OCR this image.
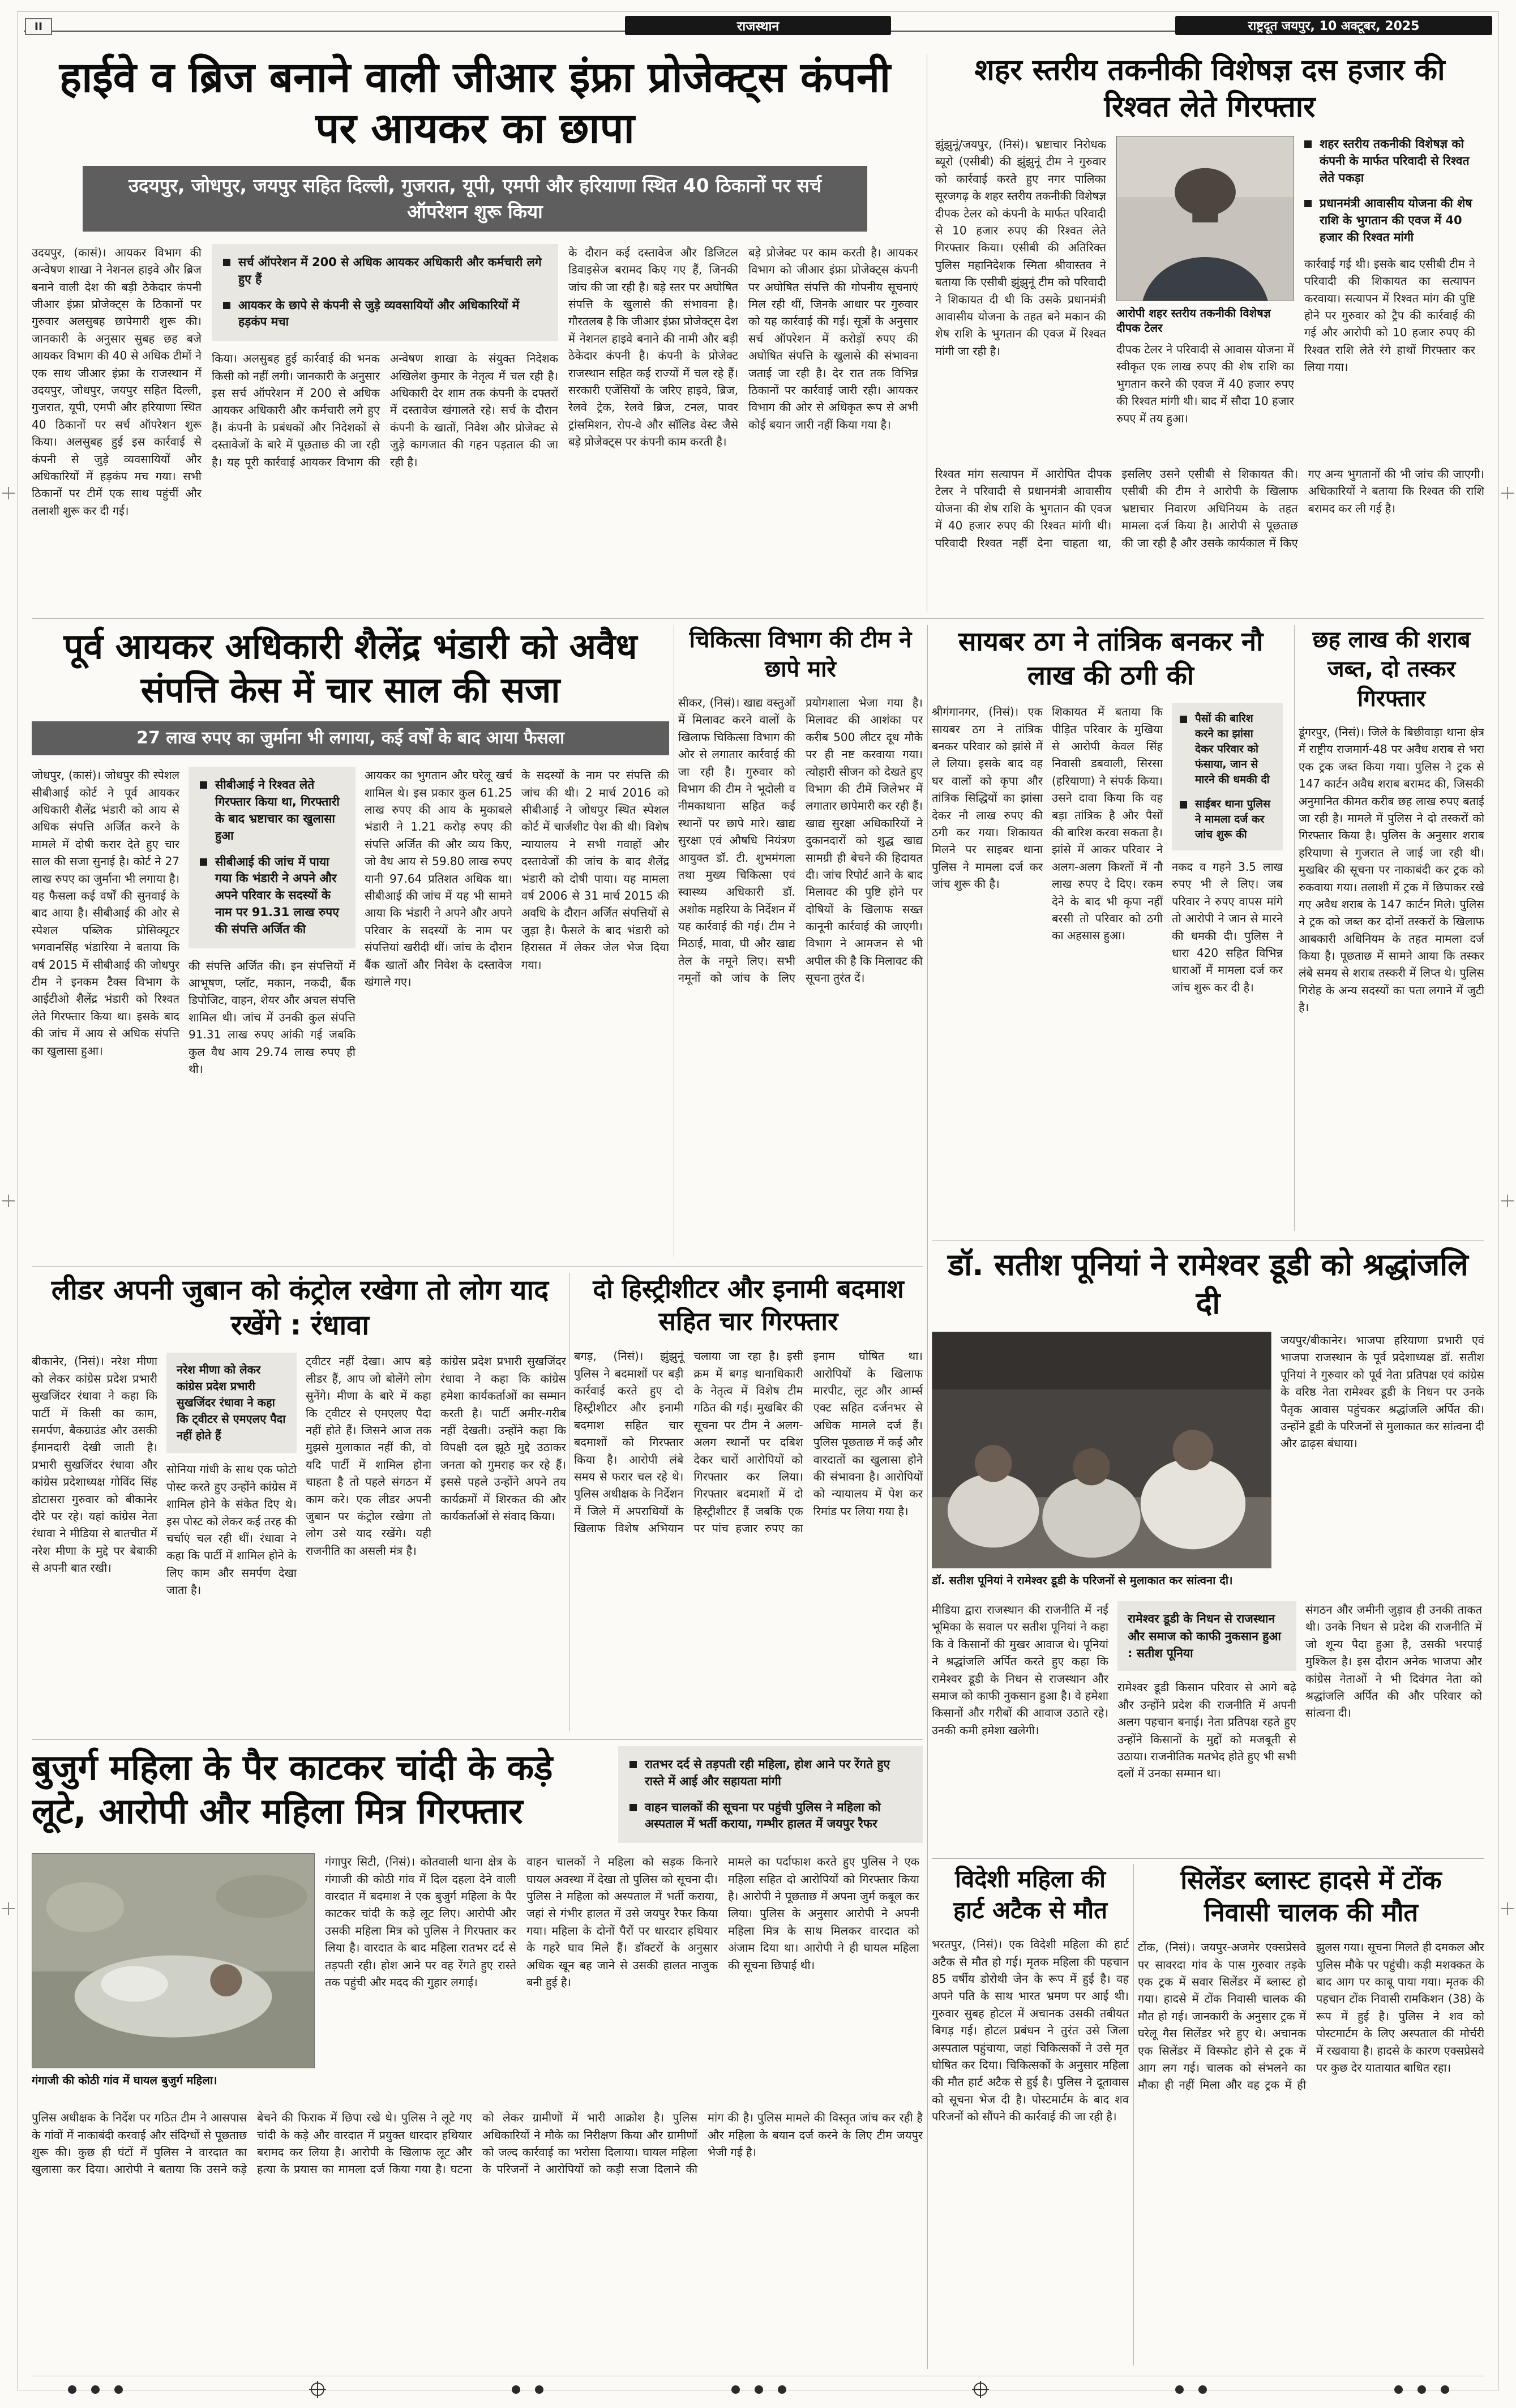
II	राजस्थान	राष्ट्रदूत जयपुर, 10 अक्टूबर, 2025
हाईवे व ब्रिज बनाने वाली जीआर इंफ्रा प्रोजेक्ट्स कंपनी पर आयकर का छापा
उदयपुर, जोधपुर, जयपुर सहित दिल्ली, गुजरात, यूपी, एमपी और हरियाणा स्थित 40 ठिकानों पर सर्च ऑपरेशन शुरू किया
उदयपुर, (कासं)। आयकर विभाग की अन्वेषण शाखा ने नेशनल हाइवे और ब्रिज बनाने वाली देश की बड़ी ठेकेदार कंपनी जीआर इंफ्रा प्रोजेक्ट्स के ठिकानों पर गुरुवार अलसुबह छापेमारी शुरू की। जानकारी के अनुसार सुबह छह बजे आयकर विभाग की 40 से अधिक टीमों ने एक साथ जीआर इंफ्रा के राजस्थान में उदयपुर, जोधपुर, जयपुर सहित दिल्ली, गुजरात, यूपी, एमपी और हरियाणा स्थित 40 ठिकानों पर सर्च ऑपरेशन शुरू किया। अलसुबह हुई इस कार्रवाई से कंपनी से जुड़े व्यवसायियों और अधिकारियों में हड़कंप मच गया। सभी ठिकानों पर टीमें एक साथ पहुंचीं और तलाशी शुरू कर दी गई।
सर्च ऑपरेशन में 200 से अधिक आयकर अधिकारी और कर्मचारी लगे हुए हैं
आयकर के छापे से कंपनी से जुड़े व्यवसायियों और अधिकारियों में हड़कंप मचा
किया। अलसुबह हुई कार्रवाई की भनक किसी को नहीं लगी। जानकारी के अनुसार इस सर्च ऑपरेशन में 200 से अधिक आयकर अधिकारी और कर्मचारी लगे हुए हैं। कंपनी के प्रबंधकों और निदेशकों से दस्तावेजों के बारे में पूछताछ की जा रही है। यह पूरी कार्रवाई आयकर विभाग की अन्वेषण शाखा के संयुक्त निदेशक अखिलेश कुमार के नेतृत्व में चल रही है। अधिकारी देर शाम तक कंपनी के दफ्तरों में दस्तावेज खंगालते रहे। सर्च के दौरान कंपनी के खातों, निवेश और प्रोजेक्ट से जुड़े कागजात की गहन पड़ताल की जा रही है।
के दौरान कई दस्तावेज और डिजिटल डिवाइसेज बरामद किए गए हैं, जिनकी जांच की जा रही है। बड़े स्तर पर अघोषित संपत्ति के खुलासे की संभावना है। गौरतलब है कि जीआर इंफ्रा प्रोजेक्ट्स देश में नेशनल हाइवे बनाने की नामी और बड़ी ठेकेदार कंपनी है। कंपनी के प्रोजेक्ट राजस्थान सहित कई राज्यों में चल रहे हैं। सरकारी एजेंसियों के जरिए हाइवे, ब्रिज, रेलवे ट्रेक, रेलवे ब्रिज, टनल, पावर ट्रांसमिशन, रोप-वे और सॉलिड वेस्ट जैसे बड़े प्रोजेक्ट्स पर कंपनी काम करती है।
बड़े प्रोजेक्ट पर काम करती है। आयकर विभाग को जीआर इंफ्रा प्रोजेक्ट्स कंपनी पर अघोषित संपत्ति की गोपनीय सूचनाएं मिल रही थीं, जिनके आधार पर गुरुवार को यह कार्रवाई की गई। सूत्रों के अनुसार सर्च ऑपरेशन में करोड़ों रुपए की अघोषित संपत्ति के खुलासे की संभावना जताई जा रही है। देर रात तक विभिन्न ठिकानों पर कार्रवाई जारी रही। आयकर विभाग की ओर से अधिकृत रूप से अभी कोई बयान जारी नहीं किया गया है।
शहर स्तरीय तकनीकी विशेषज्ञ दस हजार की रिश्वत लेते गिरफ्तार
झुंझुनूं/जयपुर, (निसं)। भ्रष्टाचार निरोधक ब्यूरो (एसीबी) की झुंझुनूं टीम ने गुरुवार को कार्रवाई करते हुए नगर पालिका सूरजगढ़ के शहर स्तरीय तकनीकी विशेषज्ञ दीपक टेलर को कंपनी के मार्फत परिवादी से 10 हजार रुपए की रिश्वत लेते गिरफ्तार किया। एसीबी की अतिरिक्त पुलिस महानिदेशक स्मिता श्रीवास्तव ने बताया कि एसीबी झुंझुनूं टीम को परिवादी ने शिकायत दी थी कि उसके प्रधानमंत्री आवासीय योजना के तहत बने मकान की शेष राशि के भुगतान की एवज में रिश्वत मांगी जा रही है।
आरोपी शहर स्तरीय तकनीकी विशेषज्ञ दीपक टेलर
दीपक टेलर ने परिवादी से आवास योजना में स्वीकृत एक लाख रुपए की शेष राशि का भुगतान करने की एवज में 40 हजार रुपए की रिश्वत मांगी थी। बाद में सौदा 10 हजार रुपए में तय हुआ।
शहर स्तरीय तकनीकी विशेषज्ञ को कंपनी के मार्फत परिवादी से रिश्वत लेते पकड़ा
प्रधानमंत्री आवासीय योजना की शेष राशि के भुगतान की एवज में 40 हजार की रिश्वत मांगी
कार्रवाई गई थी। इसके बाद एसीबी टीम ने परिवादी की शिकायत का सत्यापन करवाया। सत्यापन में रिश्वत मांग की पुष्टि होने पर गुरुवार को ट्रैप की कार्रवाई की गई और आरोपी को 10 हजार रुपए की रिश्वत राशि लेते रंगे हाथों गिरफ्तार कर लिया गया।
रिश्वत मांग सत्यापन में आरोपित दीपक टेलर ने परिवादी से प्रधानमंत्री आवासीय योजना की शेष राशि के भुगतान की एवज में 40 हजार रुपए की रिश्वत मांगी थी। परिवादी रिश्वत नहीं देना चाहता था, इसलिए उसने एसीबी से शिकायत की। एसीबी की टीम ने आरोपी के खिलाफ भ्रष्टाचार निवारण अधिनियम के तहत मामला दर्ज किया है। आरोपी से पूछताछ की जा रही है और उसके कार्यकाल में किए गए अन्य भुगतानों की भी जांच की जाएगी। अधिकारियों ने बताया कि रिश्वत की राशि बरामद कर ली गई है।
पूर्व आयकर अधिकारी शैलेंद्र भंडारी को अवैध संपत्ति केस में चार साल की सजा
27 लाख रुपए का जुर्माना भी लगाया, कई वर्षों के बाद आया फैसला
जोधपुर, (कासं)। जोधपुर की स्पेशल सीबीआई कोर्ट ने पूर्व आयकर अधिकारी शैलेंद्र भंडारी को आय से अधिक संपत्ति अर्जित करने के मामले में दोषी करार देते हुए चार साल की सजा सुनाई है। कोर्ट ने 27 लाख रुपए का जुर्माना भी लगाया है। यह फैसला कई वर्षों की सुनवाई के बाद आया है। सीबीआई की ओर से स्पेशल पब्लिक प्रोसिक्यूटर भगवानसिंह भंडारिया ने बताया कि वर्ष 2015 में सीबीआई की जोधपुर टीम ने इनकम टैक्स विभाग के आईटीओ शैलेंद्र भंडारी को रिश्वत लेते गिरफ्तार किया था। इसके बाद की जांच में आय से अधिक संपत्ति का खुलासा हुआ।
सीबीआई ने रिश्वत लेते गिरफ्तार किया था, गिरफ्तारी के बाद भ्रष्टाचार का खुलासा हुआ
सीबीआई की जांच में पाया गया कि भंडारी ने अपने और अपने परिवार के सदस्यों के नाम पर 91.31 लाख रुपए की संपत्ति अर्जित की
की संपत्ति अर्जित की। इन संपत्तियों में आभूषण, प्लॉट, मकान, नकदी, बैंक डिपोजिट, वाहन, शेयर और अचल संपत्ति शामिल थी। जांच में उनकी कुल संपत्ति 91.31 लाख रुपए आंकी गई जबकि कुल वैध आय 29.74 लाख रुपए ही थी।
आयकर का भुगतान और घरेलू खर्च शामिल थे। इस प्रकार कुल 61.25 लाख रुपए की आय के मुकाबले भंडारी ने 1.21 करोड़ रुपए की संपत्ति अर्जित की और व्यय किए, जो वैध आय से 59.80 लाख रुपए यानी 97.64 प्रतिशत अधिक था। सीबीआई की जांच में यह भी सामने आया कि भंडारी ने अपने और अपने परिवार के सदस्यों के नाम पर संपत्तियां खरीदी थीं। जांच के दौरान बैंक खातों और निवेश के दस्तावेज खंगाले गए।
के सदस्यों के नाम पर संपत्ति की जांच की थी। 2 मार्च 2016 को सीबीआई ने जोधपुर स्थित स्पेशल कोर्ट में चार्जशीट पेश की थी। विशेष न्यायालय ने सभी गवाहों और दस्तावेजों की जांच के बाद शैलेंद्र भंडारी को दोषी पाया। यह मामला वर्ष 2006 से 31 मार्च 2015 की अवधि के दौरान अर्जित संपत्तियों से जुड़ा है। फैसले के बाद भंडारी को हिरासत में लेकर जेल भेज दिया गया।
चिकित्सा विभाग की टीम ने छापे मारे
सीकर, (निसं)। खाद्य वस्तुओं में मिलावट करने वालों के खिलाफ चिकित्सा विभाग की ओर से लगातार कार्रवाई की जा रही है। गुरुवार को विभाग की टीम ने भूदोली व नीमकाथाना सहित कई स्थानों पर छापे मारे। खाद्य सुरक्षा एवं औषधि नियंत्रण आयुक्त डॉ. टी. शुभमंगला तथा मुख्य चिकित्सा एवं स्वास्थ्य अधिकारी डॉ. अशोक महरिया के निर्देशन में यह कार्रवाई की गई। टीम ने मिठाई, मावा, घी और खाद्य तेल के नमूने लिए। सभी नमूनों को जांच के लिए प्रयोगशाला भेजा गया है। मिलावट की आशंका पर करीब 500 लीटर दूध मौके पर ही नष्ट करवाया गया। त्योहारी सीजन को देखते हुए विभाग की टीमें जिलेभर में लगातार छापेमारी कर रही हैं। खाद्य सुरक्षा अधिकारियों ने दुकानदारों को शुद्ध खाद्य सामग्री ही बेचने की हिदायत दी। जांच रिपोर्ट आने के बाद मिलावट की पुष्टि होने पर दोषियों के खिलाफ सख्त कानूनी कार्रवाई की जाएगी। विभाग ने आमजन से भी अपील की है कि मिलावट की सूचना तुरंत दें।
सायबर ठग ने तांत्रिक बनकर नौ लाख की ठगी की
श्रीगंगानगर, (निसं)। एक सायबर ठग ने तांत्रिक बनकर परिवार को झांसे में ले लिया। इसके बाद वह घर वालों को कृपा और तांत्रिक सिद्धियों का झांसा देकर नौ लाख रुपए की ठगी कर गया। शिकायत मिलने पर साइबर थाना पुलिस ने मामला दर्ज कर जांच शुरू की है।
शिकायत में बताया कि पीड़ित परिवार के मुखिया से आरोपी केवल सिंह निवासी डबवाली, सिरसा (हरियाणा) ने संपर्क किया। उसने दावा किया कि वह बड़ा तांत्रिक है और पैसों की बारिश करवा सकता है। झांसे में आकर परिवार ने अलग-अलग किश्तों में नौ लाख रुपए दे दिए। रकम देने के बाद भी कृपा नहीं बरसी तो परिवार को ठगी का अहसास हुआ।
पैसों की बारिश करने का झांसा देकर परिवार को फंसाया, जान से मारने की धमकी दी
साईबर थाना पुलिस ने मामला दर्ज कर जांच शुरू की
नकद व गहने 3.5 लाख रुपए भी ले लिए। जब परिवार ने रुपए वापस मांगे तो आरोपी ने जान से मारने की धमकी दी। पुलिस ने धारा 420 सहित विभिन्न धाराओं में मामला दर्ज कर जांच शुरू कर दी है।
छह लाख की शराब जब्त, दो तस्कर गिरफ्तार
डूंगरपुर, (निसं)। जिले के बिछीवाड़ा थाना क्षेत्र में राष्ट्रीय राजमार्ग-48 पर अवैध शराब से भरा एक ट्रक जब्त किया गया। पुलिस ने ट्रक से 147 कार्टन अवैध शराब बरामद की, जिसकी अनुमानित कीमत करीब छह लाख रुपए बताई जा रही है। मामले में पुलिस ने दो तस्करों को गिरफ्तार किया है। पुलिस के अनुसार शराब हरियाणा से गुजरात ले जाई जा रही थी। मुखबिर की सूचना पर नाकाबंदी कर ट्रक को रुकवाया गया। तलाशी में ट्रक में छिपाकर रखे गए अवैध शराब के 147 कार्टन मिले। पुलिस ने ट्रक को जब्त कर दोनों तस्करों के खिलाफ आबकारी अधिनियम के तहत मामला दर्ज किया है। पूछताछ में सामने आया कि तस्कर लंबे समय से शराब तस्करी में लिप्त थे। पुलिस गिरोह के अन्य सदस्यों का पता लगाने में जुटी है।
लीडर अपनी जुबान को कंट्रोल रखेगा तो लोग याद रखेंगे : रंधावा
बीकानेर, (निसं)। नरेश मीणा को लेकर कांग्रेस प्रदेश प्रभारी सुखजिंदर रंधावा ने कहा कि पार्टी में किसी का काम, समर्पण, बैकग्राउंड और उसकी ईमानदारी देखी जाती है। प्रभारी सुखजिंदर रंधावा और कांग्रेस प्रदेशाध्यक्ष गोविंद सिंह डोटासरा गुरुवार को बीकानेर दौरे पर रहे। यहां कांग्रेस नेता रंधावा ने मीडिया से बातचीत में नरेश मीणा के मुद्दे पर बेबाकी से अपनी बात रखी।
नरेश मीणा को लेकर कांग्रेस प्रदेश प्रभारी सुखजिंदर रंधावा ने कहा कि ट्वीटर से एमएलए पैदा नहीं होते हैं
सोनिया गांधी के साथ एक फोटो पोस्ट करते हुए उन्होंने कांग्रेस में शामिल होने के संकेत दिए थे। इस पोस्ट को लेकर कई तरह की चर्चाएं चल रही थीं। रंधावा ने कहा कि पार्टी में शामिल होने के लिए काम और समर्पण देखा जाता है।
ट्वीटर नहीं देखा। आप बड़े लीडर हैं, आप जो बोलेंगे लोग सुनेंगे। मीणा के बारे में कहा कि ट्वीटर से एमएलए पैदा नहीं होते हैं। जिसने आज तक मुझसे मुलाकात नहीं की, वो यदि पार्टी में शामिल होना चाहता है तो पहले संगठन में काम करे। एक लीडर अपनी जुबान पर कंट्रोल रखेगा तो लोग उसे याद रखेंगे। यही राजनीति का असली मंत्र है।
कांग्रेस प्रदेश प्रभारी सुखजिंदर रंधावा ने कहा कि कांग्रेस हमेशा कार्यकर्ताओं का सम्मान करती है। पार्टी अमीर-गरीब नहीं देखती। उन्होंने कहा कि विपक्षी दल झूठे मुद्दे उठाकर जनता को गुमराह कर रहे हैं। इससे पहले उन्होंने अपने तय कार्यक्रमों में शिरकत की और कार्यकर्ताओं से संवाद किया।
दो हिस्ट्रीशीटर और इनामी बदमाश सहित चार गिरफ्तार
बगड़, (निसं)। झुंझुनूं पुलिस ने बदमाशों पर बड़ी कार्रवाई करते हुए दो हिस्ट्रीशीटर और इनामी बदमाश सहित चार बदमाशों को गिरफ्तार किया है। आरोपी लंबे समय से फरार चल रहे थे। पुलिस अधीक्षक के निर्देशन में जिले में अपराधियों के खिलाफ विशेष अभियान चलाया जा रहा है। इसी क्रम में बगड़ थानाधिकारी के नेतृत्व में विशेष टीम गठित की गई। मुखबिर की सूचना पर टीम ने अलग-अलग स्थानों पर दबिश देकर चारों आरोपियों को गिरफ्तार कर लिया। गिरफ्तार बदमाशों में दो हिस्ट्रीशीटर हैं जबकि एक पर पांच हजार रुपए का इनाम घोषित था। आरोपियों के खिलाफ मारपीट, लूट और आर्म्स एक्ट सहित दर्जनभर से अधिक मामले दर्ज हैं। पुलिस पूछताछ में कई और वारदातों का खुलासा होने की संभावना है। आरोपियों को न्यायालय में पेश कर रिमांड पर लिया गया है।
डॉ. सतीश पूनियां ने रामेश्वर डूडी को श्रद्धांजलि दी
डॉ. सतीश पूनियां ने रामेश्वर डूडी के परिजनों से मुलाकात कर सांत्वना दी।
जयपुर/बीकानेर। भाजपा हरियाणा प्रभारी एवं भाजपा राजस्थान के पूर्व प्रदेशाध्यक्ष डॉ. सतीश पूनियां ने गुरुवार को पूर्व नेता प्रतिपक्ष एवं कांग्रेस के वरिष्ठ नेता रामेश्वर डूडी के निधन पर उनके पैतृक आवास पहुंचकर श्रद्धांजलि अर्पित की। उन्होंने डूडी के परिजनों से मुलाकात कर सांत्वना दी और ढाढ़स बंधाया।
मीडिया द्वारा राजस्थान की राजनीति में नई भूमिका के सवाल पर सतीश पूनियां ने कहा कि वे किसानों की मुखर आवाज थे। पूनियां ने श्रद्धांजलि अर्पित करते हुए कहा कि रामेश्वर डूडी के निधन से राजस्थान और समाज को काफी नुकसान हुआ है। वे हमेशा किसानों और गरीबों की आवाज उठाते रहे। उनकी कमी हमेशा खलेगी।
रामेश्वर डूडी के निधन से राजस्थान और समाज को काफी नुकसान हुआ : सतीश पूनिया
रामेश्वर डूडी किसान परिवार से आगे बढ़े और उन्होंने प्रदेश की राजनीति में अपनी अलग पहचान बनाई। नेता प्रतिपक्ष रहते हुए उन्होंने किसानों के मुद्दों को मजबूती से उठाया। राजनीतिक मतभेद होते हुए भी सभी दलों में उनका सम्मान था।
संगठन और जमीनी जुड़ाव ही उनकी ताकत थी। उनके निधन से प्रदेश की राजनीति में जो शून्य पैदा हुआ है, उसकी भरपाई मुश्किल है। इस दौरान अनेक भाजपा और कांग्रेस नेताओं ने भी दिवंगत नेता को श्रद्धांजलि अर्पित की और परिवार को सांत्वना दी।
बुजुर्ग महिला के पैर काटकर चांदी के कड़े लूटे, आरोपी और महिला मित्र गिरफ्तार
रातभर दर्द से तड़पती रही महिला, होश आने पर रेंगते हुए रास्ते में आई और सहायता मांगी
वाहन चालकों की सूचना पर पहुंची पुलिस ने महिला को अस्पताल में भर्ती कराया, गम्भीर हालत में जयपुर रैफर
गंगाजी की कोठी गांव में घायल बुजुर्ग महिला।
गंगापुर सिटी, (निसं)। कोतवाली थाना क्षेत्र के गंगाजी की कोठी गांव में दिल दहला देने वाली वारदात में बदमाश ने एक बुजुर्ग महिला के पैर काटकर चांदी के कड़े लूट लिए। आरोपी और उसकी महिला मित्र को पुलिस ने गिरफ्तार कर लिया है। वारदात के बाद महिला रातभर दर्द से तड़पती रही। होश आने पर वह रेंगते हुए रास्ते तक पहुंची और मदद की गुहार लगाई।
वाहन चालकों ने महिला को सड़क किनारे घायल अवस्था में देखा तो पुलिस को सूचना दी। पुलिस ने महिला को अस्पताल में भर्ती कराया, जहां से गंभीर हालत में उसे जयपुर रैफर किया गया। महिला के दोनों पैरों पर धारदार हथियार के गहरे घाव मिले हैं। डॉक्टरों के अनुसार अधिक खून बह जाने से उसकी हालत नाजुक बनी हुई है।
मामले का पर्दाफाश करते हुए पुलिस ने एक महिला सहित दो आरोपियों को गिरफ्तार किया है। आरोपी ने पूछताछ में अपना जुर्म कबूल कर लिया। पुलिस के अनुसार आरोपी ने अपनी महिला मित्र के साथ मिलकर वारदात को अंजाम दिया था। आरोपी ने ही घायल महिला की सूचना छिपाई थी।
पुलिस अधीक्षक के निर्देश पर गठित टीम ने आसपास के गांवों में नाकाबंदी करवाई और संदिग्धों से पूछताछ शुरू की। कुछ ही घंटों में पुलिस ने वारदात का खुलासा कर दिया। आरोपी ने बताया कि उसने कड़े बेचने की फिराक में छिपा रखे थे। पुलिस ने लूटे गए चांदी के कड़े और वारदात में प्रयुक्त धारदार हथियार बरामद कर लिया है। आरोपी के खिलाफ लूट और हत्या के प्रयास का मामला दर्ज किया गया है। घटना को लेकर ग्रामीणों में भारी आक्रोश है। पुलिस अधिकारियों ने मौके का निरीक्षण किया और ग्रामीणों को जल्द कार्रवाई का भरोसा दिलाया। घायल महिला के परिजनों ने आरोपियों को कड़ी सजा दिलाने की मांग की है। पुलिस मामले की विस्तृत जांच कर रही है और महिला के बयान दर्ज करने के लिए टीम जयपुर भेजी गई है।
विदेशी महिला की हार्ट अटैक से मौत
भरतपुर, (निसं)। एक विदेशी महिला की हार्ट अटैक से मौत हो गई। मृतक महिला की पहचान 85 वर्षीय डोरोथी जेन के रूप में हुई है। वह अपने पति के साथ भारत भ्रमण पर आई थी। गुरुवार सुबह होटल में अचानक उसकी तबीयत बिगड़ गई। होटल प्रबंधन ने तुरंत उसे जिला अस्पताल पहुंचाया, जहां चिकित्सकों ने उसे मृत घोषित कर दिया। चिकित्सकों के अनुसार महिला की मौत हार्ट अटैक से हुई है। पुलिस ने दूतावास को सूचना भेज दी है। पोस्टमार्टम के बाद शव परिजनों को सौंपने की कार्रवाई की जा रही है।
सिलेंडर ब्लास्ट हादसे में टोंक निवासी चालक की मौत
टोंक, (निसं)। जयपुर-अजमेर एक्सप्रेसवे पर सावरदा गांव के पास गुरुवार तड़के एक ट्रक में सवार सिलेंडर में ब्लास्ट हो गया। हादसे में टोंक निवासी चालक की मौत हो गई। जानकारी के अनुसार ट्रक में घरेलू गैस सिलेंडर भरे हुए थे। अचानक एक सिलेंडर में विस्फोट होने से ट्रक में आग लग गई। चालक को संभलने का मौका ही नहीं मिला और वह ट्रक में ही झुलस गया। सूचना मिलते ही दमकल और पुलिस मौके पर पहुंची। कड़ी मशक्कत के बाद आग पर काबू पाया गया। मृतक की पहचान टोंक निवासी रामकिशन (38) के रूप में हुई है। पुलिस ने शव को पोस्टमार्टम के लिए अस्पताल की मोर्चरी में रखवाया है। हादसे के कारण एक्सप्रेसवे पर कुछ देर यातायात बाधित रहा।
